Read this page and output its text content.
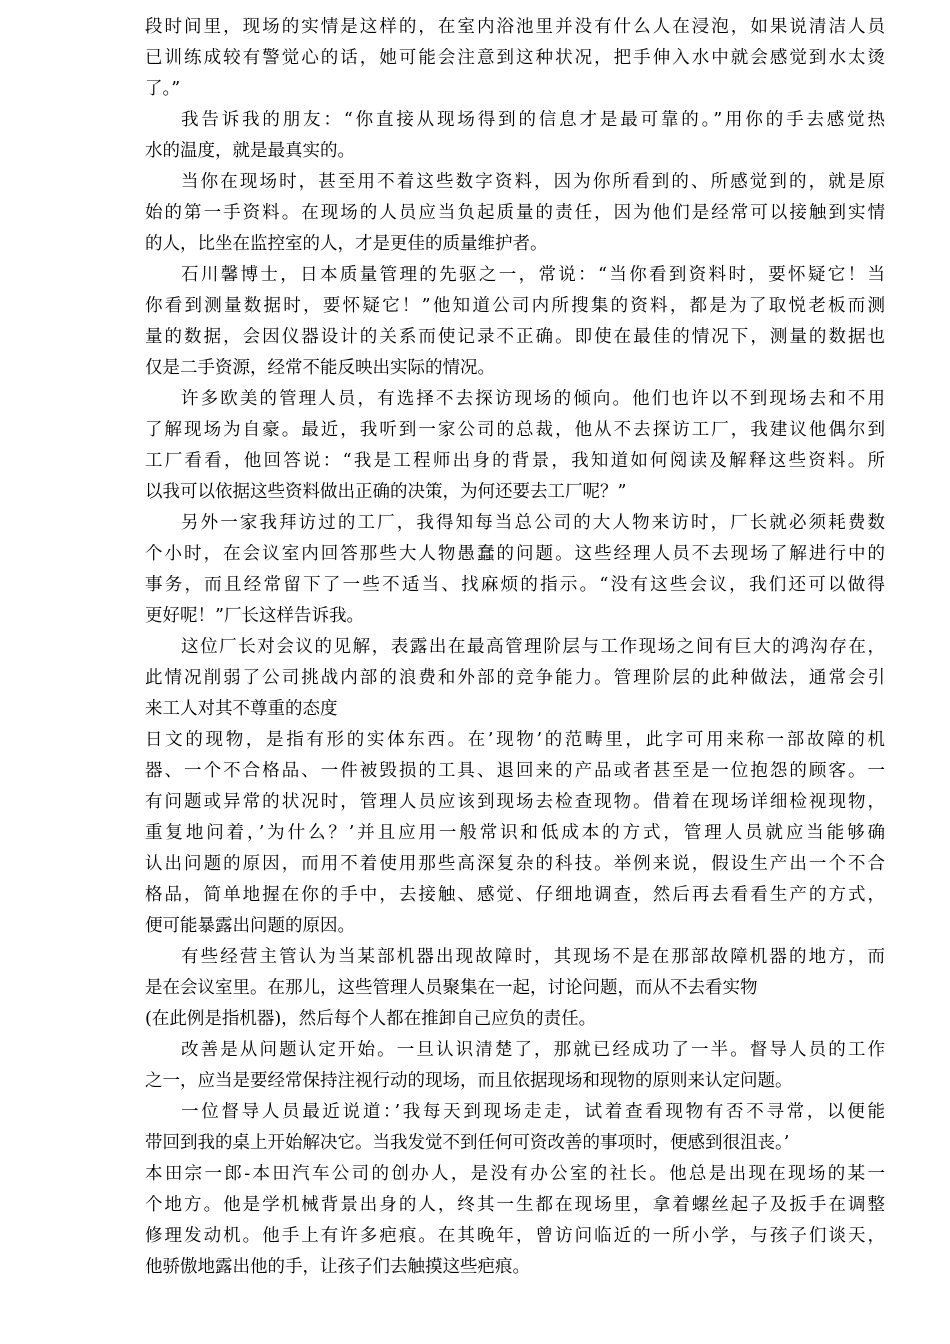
段时间里，现场的实情是这样的，在室内浴池里并没有什么人在浸泡，如果说清洁人员
已训练成较有警觉心的话，她可能会注意到这种状况，把手伸入水中就会感觉到水太烫
了。”
我告诉我的朋友：“你直接从现场得到的信息才是最可靠的。”用你的手去感觉热
水的温度，就是最真实的。
当你在现场时，甚至用不着这些数字资料，因为你所看到的、所感觉到的，就是原
始的第一手资料。在现场的人员应当负起质量的责任，因为他们是经常可以接触到实情
的人，比坐在监控室的人，才是更佳的质量维护者。
石川馨博士，日本质量管理的先驱之一，常说：“当你看到资料时，要怀疑它！当
你看到测量数据时，要怀疑它！”他知道公司内所搜集的资料，都是为了取悦老板而测
量的数据，会因仪器设计的关系而使记录不正确。即使在最佳的情况下，测量的数据也
仅是二手资源，经常不能反映出实际的情况。
许多欧美的管理人员，有选择不去探访现场的倾向。他们也许以不到现场去和不用
了解现场为自豪。最近，我听到一家公司的总裁，他从不去探访工厂，我建议他偶尔到
工厂看看，他回答说：“我是工程师出身的背景，我知道如何阅读及解释这些资料。所
以我可以依据这些资料做出正确的决策，为何还要去工厂呢？”
另外一家我拜访过的工厂，我得知每当总公司的大人物来访时，厂长就必须耗费数
个小时，在会议室内回答那些大人物愚蠢的问题。这些经理人员不去现场了解进行中的
事务，而且经常留下了一些不适当、找麻烦的指示。“没有这些会议，我们还可以做得
更好呢！”厂长这样告诉我。
这位厂长对会议的见解，表露出在最高管理阶层与工作现场之间有巨大的鸿沟存在，
此情况削弱了公司挑战内部的浪费和外部的竞争能力。管理阶层的此种做法，通常会引
来工人对其不尊重的态度
日文的现物，是指有形的实体东西。在’现物’的范畴里，此字可用来称一部故障的机
器、一个不合格品、一件被毁损的工具、退回来的产品或者甚至是一位抱怨的顾客。一
有问题或异常的状况时，管理人员应该到现场去检查现物。借着在现场详细检视现物，
重复地问着，’为什么？’并且应用一般常识和低成本的方式，管理人员就应当能够确
认出问题的原因，而用不着使用那些高深复杂的科技。举例来说，假设生产出一个不合
格品，简单地握在你的手中，去接触、感觉、仔细地调查，然后再去看看生产的方式，
便可能暴露出问题的原因。
有些经营主管认为当某部机器出现故障时，其现场不是在那部故障机器的地方，而
是在会议室里。在那儿，这些管理人员聚集在一起，讨论问题，而从不去看实物
(在此例是指机器)，然后每个人都在推卸自己应负的责任。
改善是从问题认定开始。一旦认识清楚了，那就已经成功了一半。督导人员的工作
之一，应当是要经常保持注视行动的现场，而且依据现场和现物的原则来认定问题。
一位督导人员最近说道：’我每天到现场走走，试着查看现物有否不寻常，以便能
带回到我的桌上开始解决它。当我发觉不到任何可资改善的事项时，便感到很沮丧。’
本田宗一郎-本田汽车公司的创办人，是没有办公室的社长。他总是出现在现场的某一
个地方。他是学机械背景出身的人，终其一生都在现场里，拿着螺丝起子及扳手在调整
修理发动机。他手上有许多疤痕。在其晚年，曾访问临近的一所小学，与孩子们谈天，
他骄傲地露出他的手，让孩子们去触摸这些疤痕。
